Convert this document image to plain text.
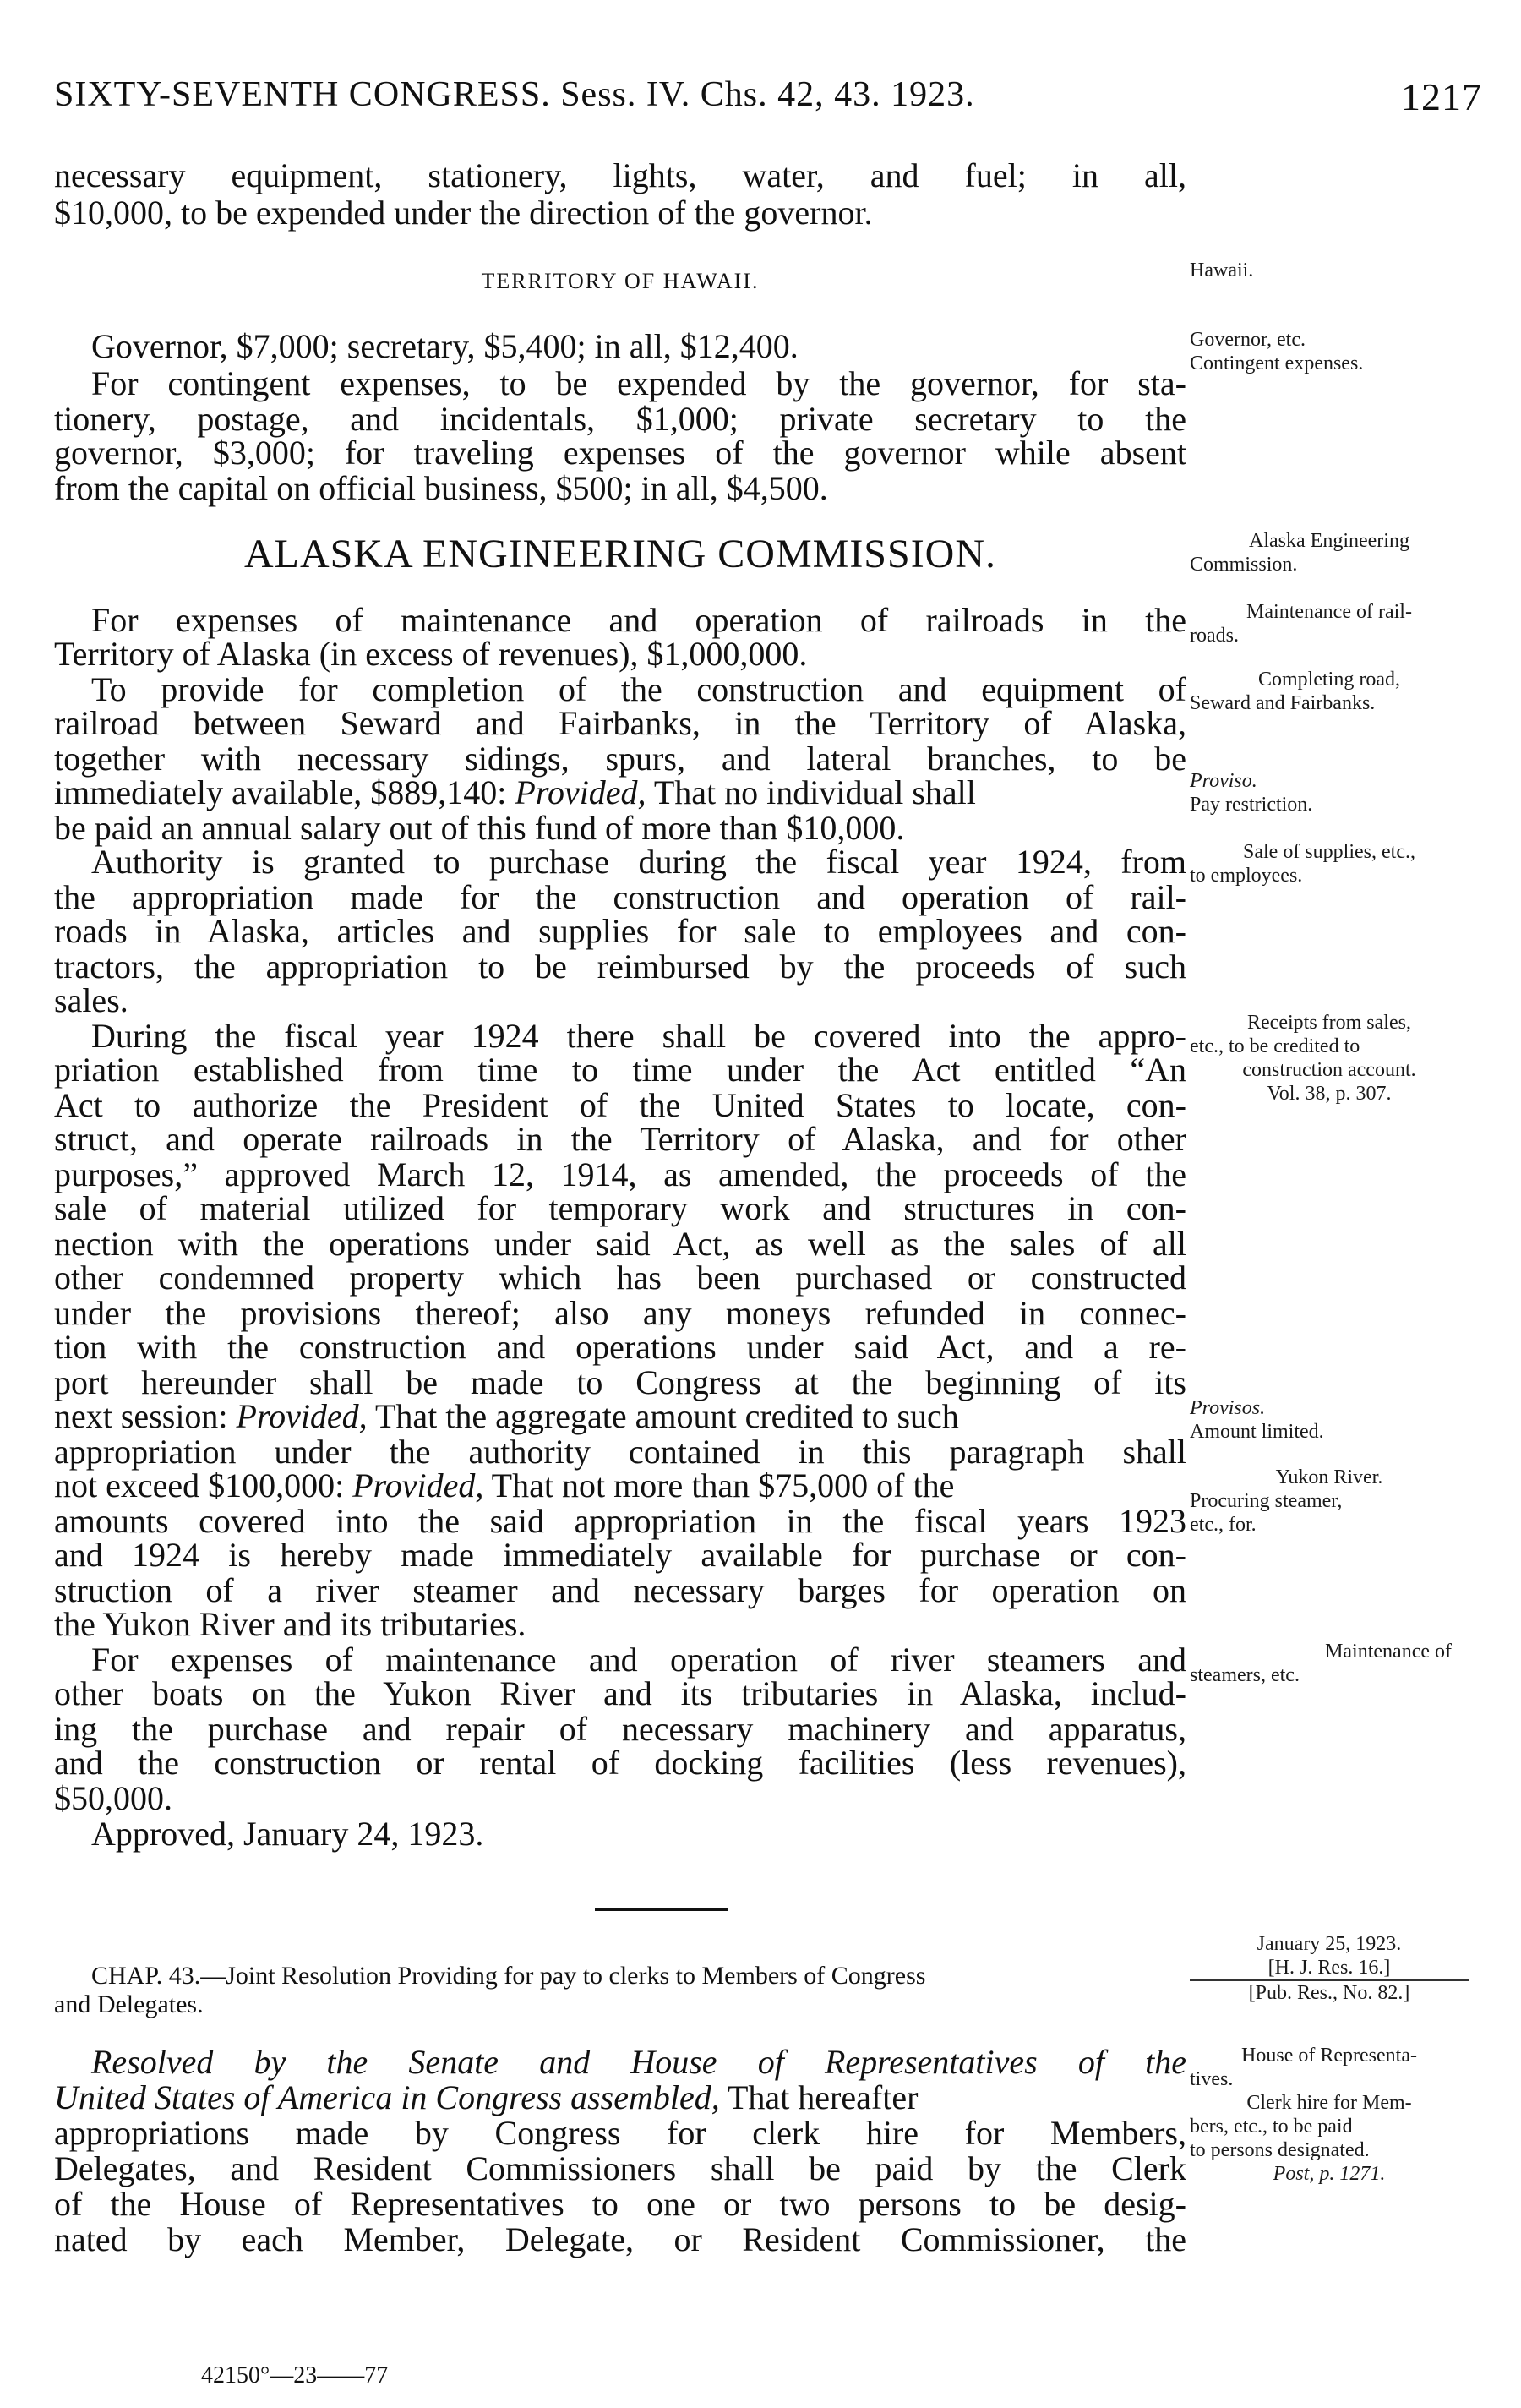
SIXTY-SEVENTH CONGRESS. Sess. IV. Chs. 42, 43. 1923.	1217
necessary equipment, stationery, lights, water, and fuel; in all,
$10,000, to be expended under the direction of the governor.
TERRITORY OF HAWAII.
Governor, $7,000; secretary, $5,400; in all, $12,400.
For contingent expenses, to be expended by the governor, for sta-
tionery, postage, and incidentals, $1,000; private secretary to the
governor, $3,000; for traveling expenses of the governor while absent
from the capital on official business, $500; in all, $4,500.
ALASKA ENGINEERING COMMISSION.
For expenses of maintenance and operation of railroads in the
Territory of Alaska (in excess of revenues), $1,000,000.
To provide for completion of the construction and equipment of
railroad between Seward and Fairbanks, in the Territory of Alaska,
together with necessary sidings, spurs, and lateral branches, to be
immediately available, $889,140: Provided, That no individual shall
be paid an annual salary out of this fund of more than $10,000.
Authority is granted to purchase during the fiscal year 1924, from
the appropriation made for the construction and operation of rail-
roads in Alaska, articles and supplies for sale to employees and con-
tractors, the appropriation to be reimbursed by the proceeds of such
sales.
During the fiscal year 1924 there shall be covered into the appro-
priation established from time to time under the Act entitled “An
Act to authorize the President of the United States to locate, con-
struct, and operate railroads in the Territory of Alaska, and for other
purposes,” approved March 12, 1914, as amended, the proceeds of the
sale of material utilized for temporary work and structures in con-
nection with the operations under said Act, as well as the sales of all
other condemned property which has been purchased or constructed
under the provisions thereof; also any moneys refunded in connec-
tion with the construction and operations under said Act, and a re-
port hereunder shall be made to Congress at the beginning of its
next session: Provided, That the aggregate amount credited to such
appropriation under the authority contained in this paragraph shall
not exceed $100,000: Provided, That not more than $75,000 of the
amounts covered into the said appropriation in the fiscal years 1923
and 1924 is hereby made immediately available for purchase or con-
struction of a river steamer and necessary barges for operation on
the Yukon River and its tributaries.
For expenses of maintenance and operation of river steamers and
other boats on the Yukon River and its tributaries in Alaska, includ-
ing the purchase and repair of necessary machinery and apparatus,
and the construction or rental of docking facilities (less revenues),
$50,000.
Approved, January 24, 1923.
CHAP. 43.—Joint Resolution Providing for pay to clerks to Members of Congress
and Delegates.
Resolved by the Senate and House of Representatives of the
United States of America in Congress assembled, That hereafter
appropriations made by Congress for clerk hire for Members,
Delegates, and Resident Commissioners shall be paid by the Clerk
of the House of Representatives to one or two persons to be desig-
nated by each Member, Delegate, or Resident Commissioner, the
42150°—23——77
Hawaii.
Governor, etc.
Contingent expenses.
Alaska Engineering
Commission.
Maintenance of rail-
roads.
Completing road,
Seward and Fairbanks.
Proviso.
Pay restriction.
Sale of supplies, etc.,
to employees.
Receipts from sales,
etc., to be credited to
construction account.
Vol. 38, p. 307.
Provisos.
Amount limited.
Yukon River.
Procuring steamer,
etc., for.
Maintenance of
steamers, etc.
January 25, 1923.
[H. J. Res. 16.]
[Pub. Res., No. 82.]
House of Representa-
tives.
Clerk hire for Mem-
bers, etc., to be paid
to persons designated.
Post, p. 1271.
